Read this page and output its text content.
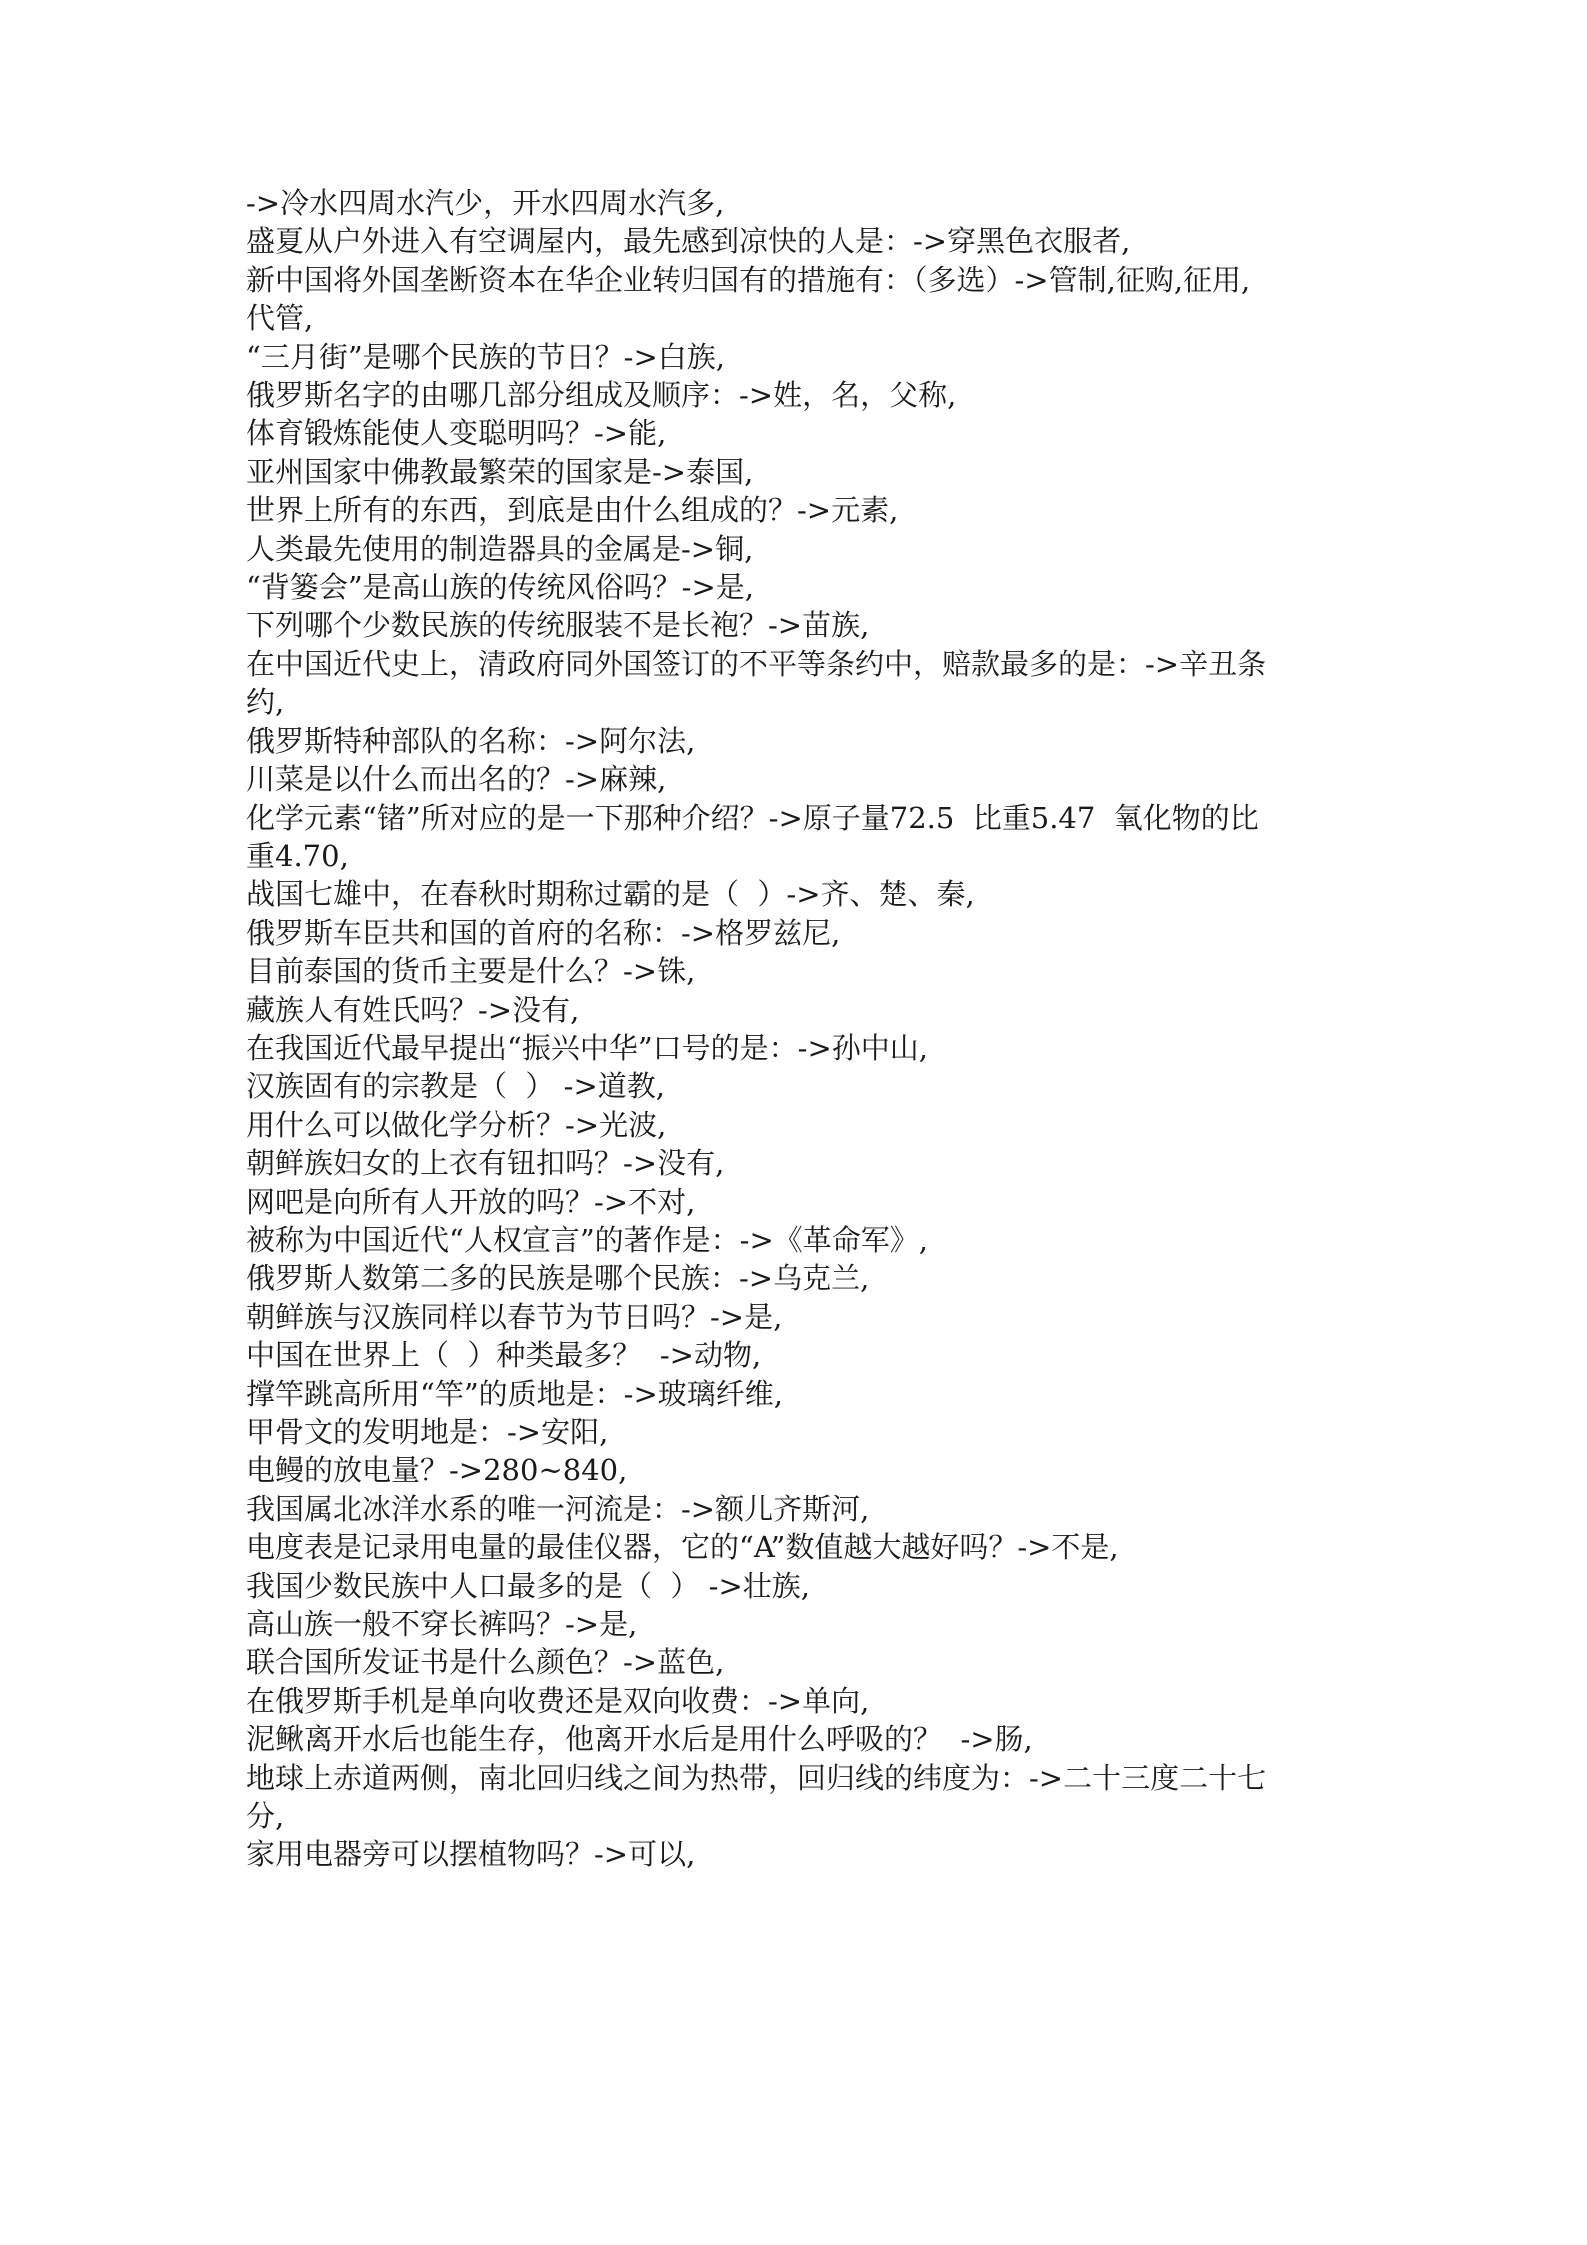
->冷水四周水汽少，开水四周水汽多,
盛夏从户外进入有空调屋内，最先感到凉快的人是：->穿黑色衣服者,
新中国将外国垄断资本在华企业转归国有的措施有：（多选）->管制,征购,征用,
代管,
“三月街”是哪个民族的节日？->白族,
俄罗斯名字的由哪几部分组成及顺序：->姓，名，父称,
体育锻炼能使人变聪明吗？->能,
亚州国家中佛教最繁荣的国家是->泰国,
世界上所有的东西，到底是由什么组成的？->元素,
人类最先使用的制造器具的金属是->铜,
“背篓会”是高山族的传统风俗吗？->是,
下列哪个少数民族的传统服装不是长袍？->苗族,
在中国近代史上，清政府同外国签订的不平等条约中，赔款最多的是：->辛丑条
约,
俄罗斯特种部队的名称：->阿尔法,
川菜是以什么而出名的？->麻辣,
化学元素“锗”所对应的是一下那种介绍？->原子量72.5  比重5.47  氧化物的比
重4.70,
战国七雄中，在春秋时期称过霸的是（  ）->齐、楚、秦,
俄罗斯车臣共和国的首府的名称：->格罗兹尼,
目前泰国的货币主要是什么？->铢,
藏族人有姓氏吗？->没有,
在我国近代最早提出“振兴中华”口号的是：->孙中山,
汉族固有的宗教是（  ） ->道教,
用什么可以做化学分析？->光波,
朝鲜族妇女的上衣有钮扣吗？->没有,
网吧是向所有人开放的吗？->不对,
被称为中国近代“人权宣言”的著作是：->《革命军》,
俄罗斯人数第二多的民族是哪个民族：->乌克兰,
朝鲜族与汉族同样以春节为节日吗？->是,
中国在世界上（  ）种类最多？  ->动物,
撑竿跳高所用“竿”的质地是：->玻璃纤维,
甲骨文的发明地是：->安阳,
电鳗的放电量？->280~840,
我国属北冰洋水系的唯一河流是：->额儿齐斯河,
电度表是记录用电量的最佳仪器，它的“A”数值越大越好吗？->不是,
我国少数民族中人口最多的是（  ） ->壮族,
高山族一般不穿长裤吗？->是,
联合国所发证书是什么颜色？->蓝色,
在俄罗斯手机是单向收费还是双向收费：->单向,
泥鳅离开水后也能生存，他离开水后是用什么呼吸的？  ->肠,
地球上赤道两侧，南北回归线之间为热带，回归线的纬度为：->二十三度二十七
分,
家用电器旁可以摆植物吗？->可以,
